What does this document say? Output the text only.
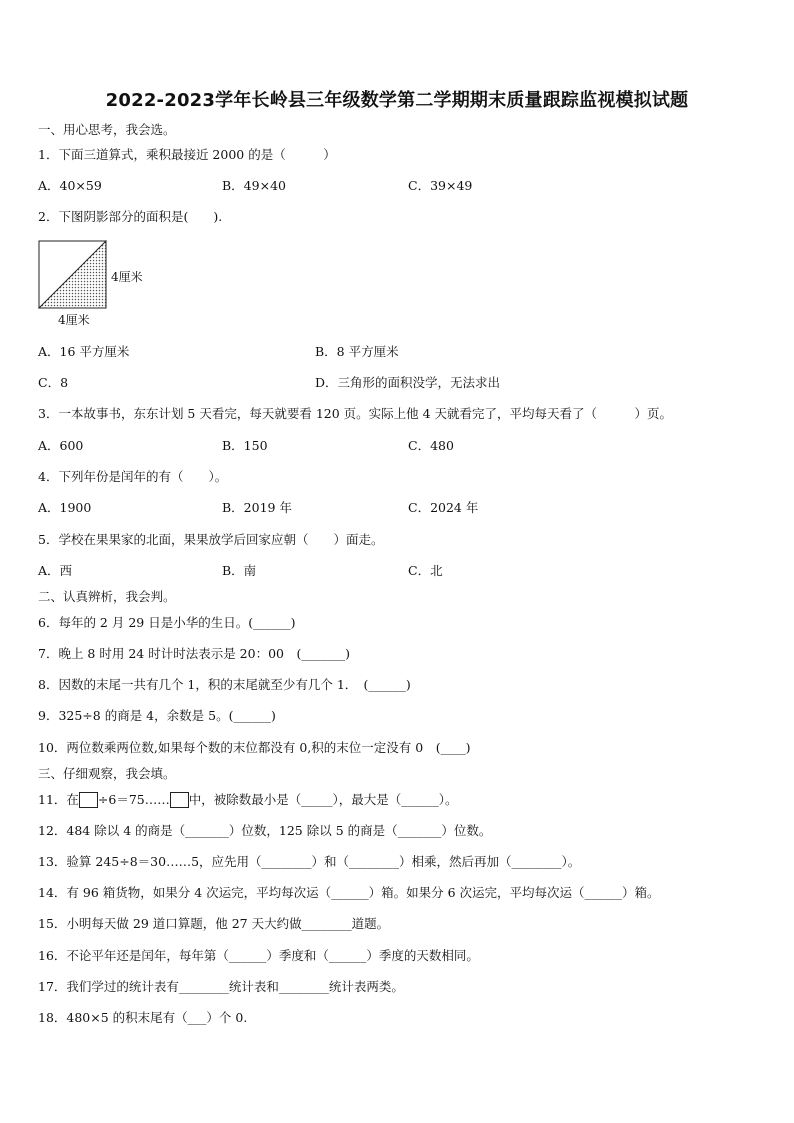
2022-2023学年长岭县三年级数学第二学期期末质量跟踪监视模拟试题
一、用心思考，我会选。
1．下面三道算式，乘积最接近 2000 的是（　　　）
A．40×59	B．49×40	C．39×49
2．下图阴影部分的面积是(　　).
4厘米
4厘米
A．16 平方厘米	B．8 平方厘米
C．8	D．三角形的面积没学，无法求出
3．一本故事书，东东计划 5 天看完，每天就要看 120 页。实际上他 4 天就看完了，平均每天看了（　　　）页。
A．600	B．150	C．480
4．下列年份是闰年的有（　　）。
A．1900	B．2019 年	C．2024 年
5．学校在果果家的北面，果果放学后回家应朝（　　）面走。
A．西	B．南	C．北
二、认真辨析，我会判。
6．每年的 2 月 29 日是小华的生日。(______)
7．晚上 8 时用 24 时计时法表示是 20：00　(_______)
8．因数的末尾一共有几个 1，积的末尾就至少有几个 1．　(______)
9．325÷8 的商是 4，余数是 5。(______)
10．两位数乘两位数,如果每个数的末位都没有 0,积的末位一定没有 0　(____)
三、仔细观察，我会填。
11．在 ÷6＝75…… 中，被除数最小是（_____），最大是（______）。
12．484 除以 4 的商是（_______）位数，125 除以 5 的商是（_______）位数。
13．验算 245÷8＝30……5，应先用（________）和（________）相乘，然后再加（________）。
14．有 96 箱货物，如果分 4 次运完，平均每次运（______）箱。如果分 6 次运完，平均每次运（______）箱。
15．小明每天做 29 道口算题，他 27 天大约做________道题。
16．不论平年还是闰年，每年第（______）季度和（______）季度的天数相同。
17．我们学过的统计表有________统计表和________统计表两类。
18．480×5 的积末尾有（___）个 0.
